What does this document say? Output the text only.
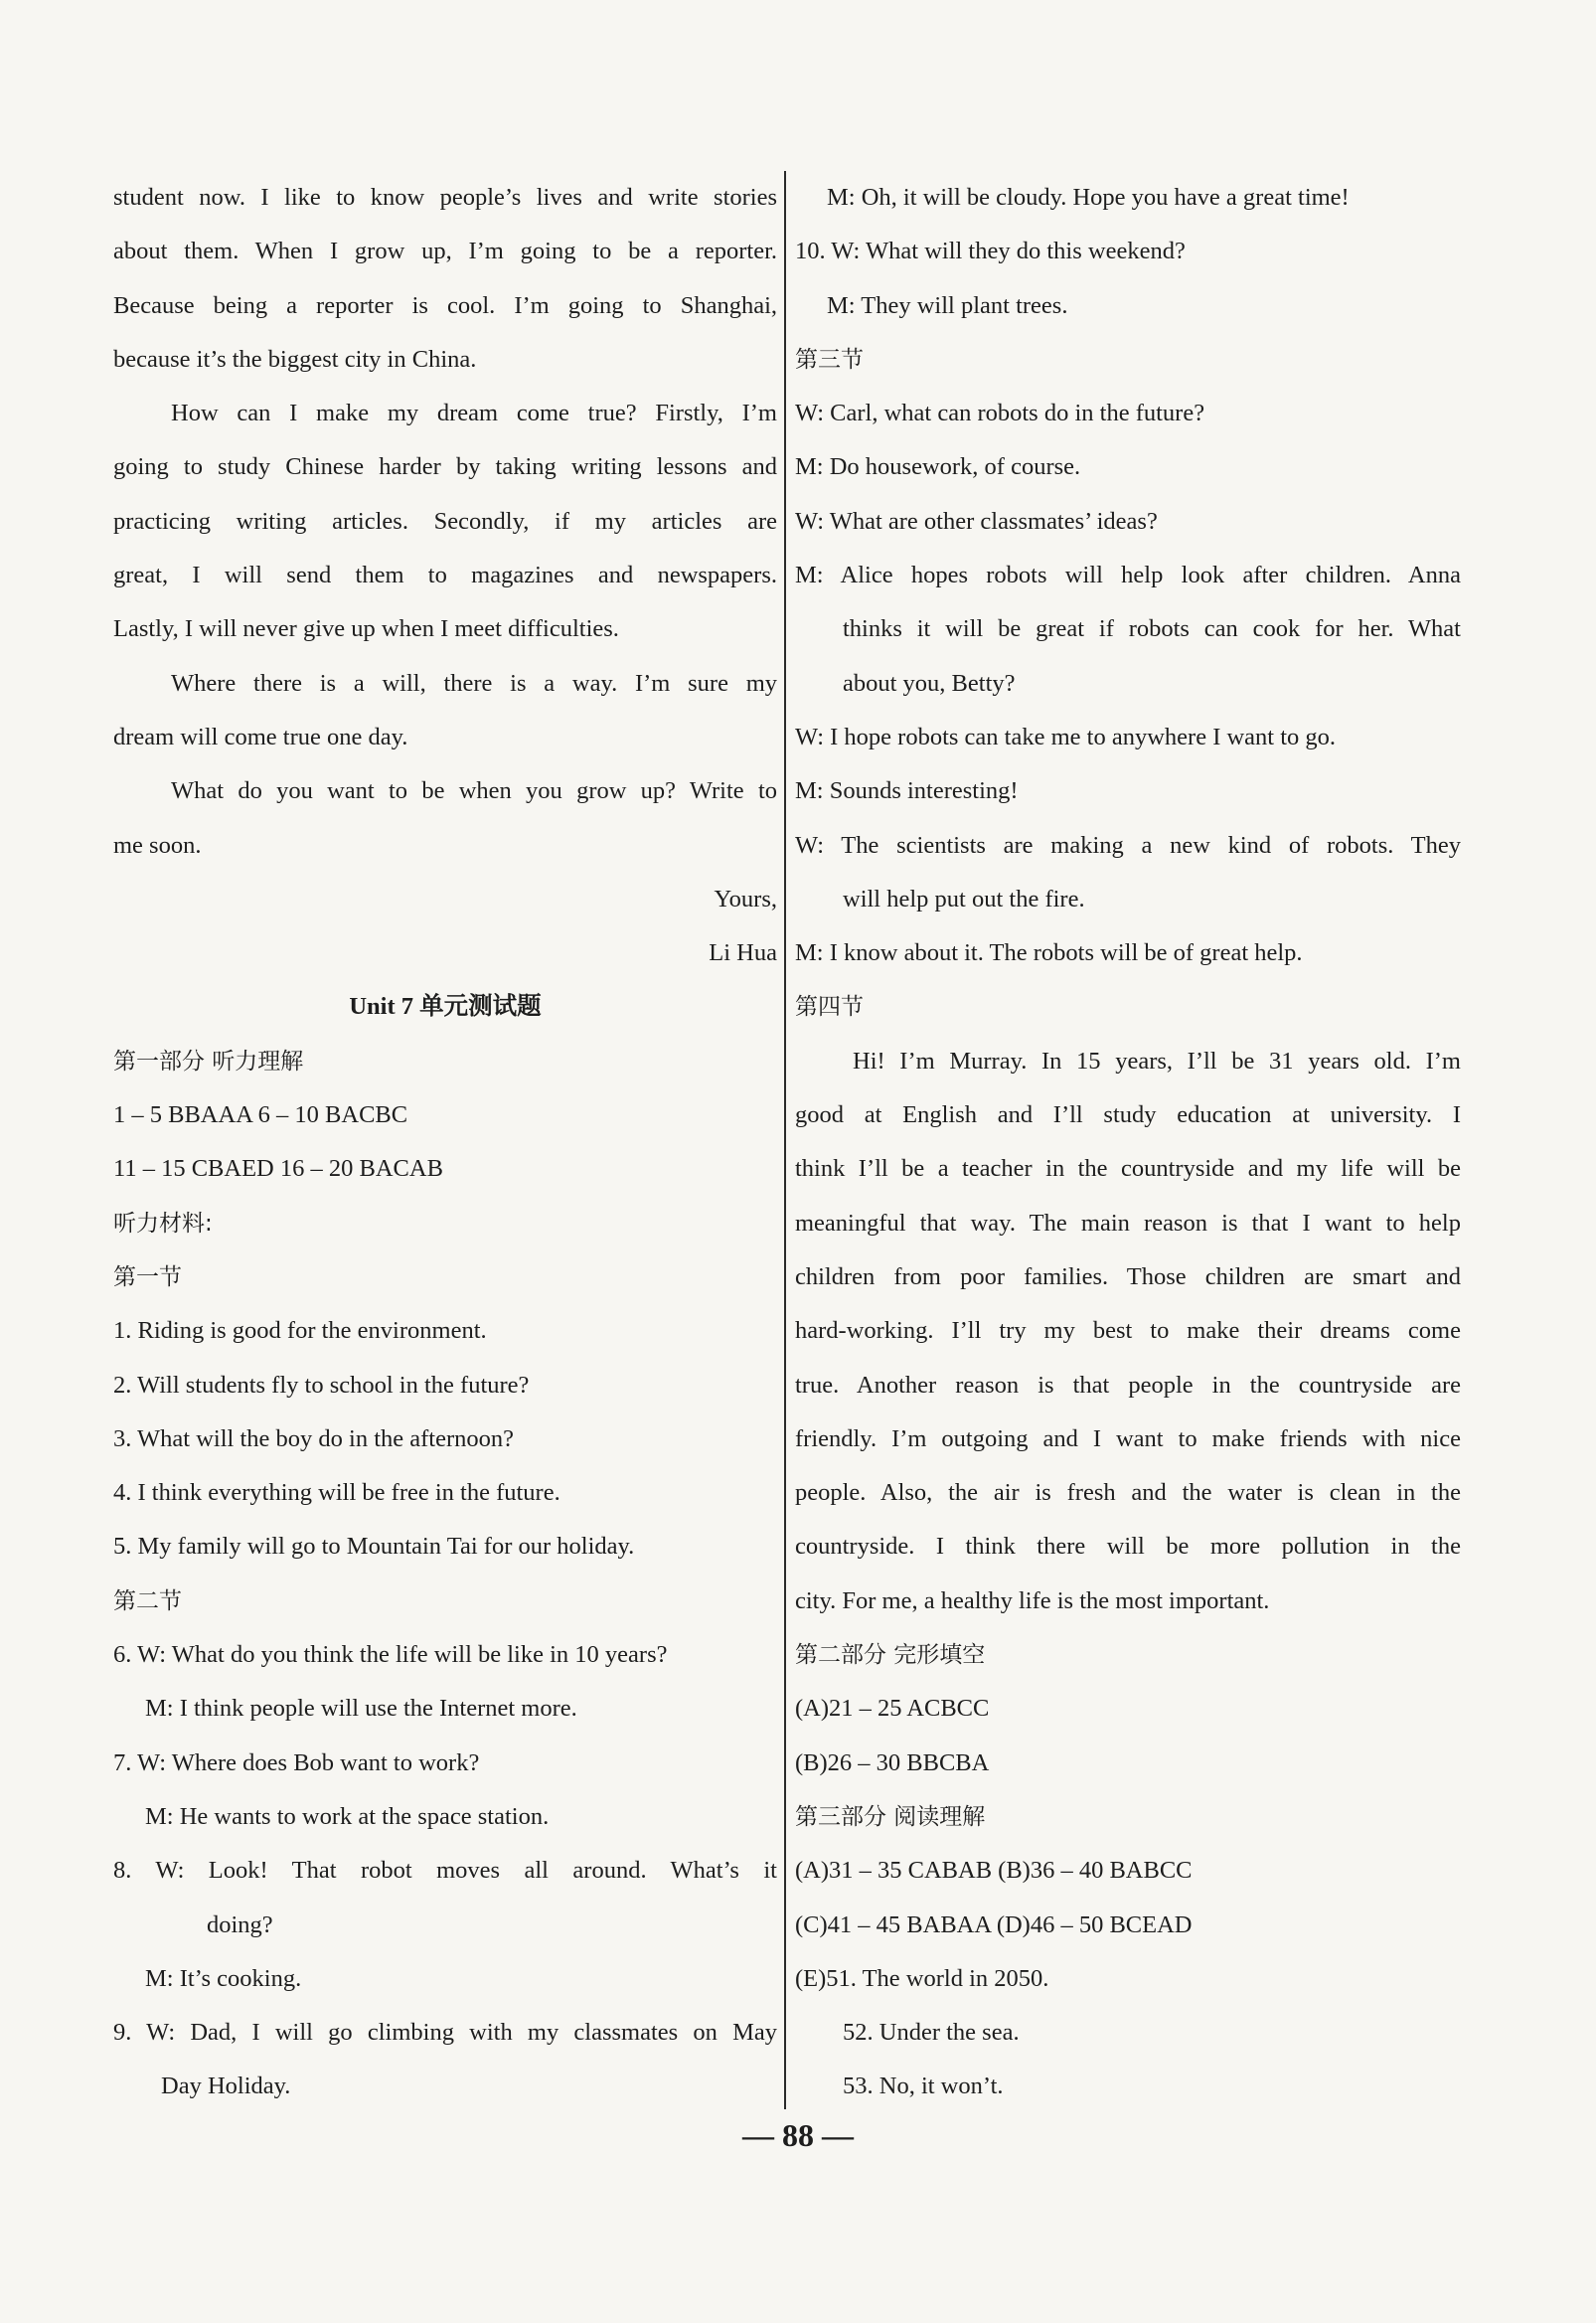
student now. I like to know people’s lives and write stories
about them. When I grow up, I’m going to be a reporter.
Because being a reporter is cool. I’m going to Shanghai,
because it’s the biggest city in China.
How can I make my dream come true? Firstly, I’m
going to study Chinese harder by taking writing lessons and
practicing writing articles. Secondly, if my articles are
great, I will send them to magazines and newspapers.
Lastly, I will never give up when I meet difficulties.
Where there is a will, there is a way. I’m sure my
dream will come true one day.
What do you want to be when you grow up? Write to
me soon.
Yours,
Li Hua
Unit 7 单元测试题
第一部分 听力理解
1 – 5 BBAAA 6 – 10 BACBC
11 – 15 CBAED 16 – 20 BACAB
听力材料:
第一节
1. Riding is good for the environment.
2. Will students fly to school in the future?
3. What will the boy do in the afternoon?
4. I think everything will be free in the future.
5. My family will go to Mountain Tai for our holiday.
第二节
6. W: What do you think the life will be like in 10 years?
M: I think people will use the Internet more.
7. W: Where does Bob want to work?
M: He wants to work at the space station.
8. W: Look! That robot moves all around. What’s it
doing?
M: It’s cooking.
9. W: Dad, I will go climbing with my classmates on May
Day Holiday.
M: Oh, it will be cloudy. Hope you have a great time!
10. W: What will they do this weekend?
M: They will plant trees.
第三节
W: Carl, what can robots do in the future?
M: Do housework, of course.
W: What are other classmates’ ideas?
M: Alice hopes robots will help look after children. Anna
thinks it will be great if robots can cook for her. What
about you, Betty?
W: I hope robots can take me to anywhere I want to go.
M: Sounds interesting!
W: The scientists are making a new kind of robots. They
will help put out the fire.
M: I know about it. The robots will be of great help.
第四节
Hi! I’m Murray. In 15 years, I’ll be 31 years old. I’m
good at English and I’ll study education at university. I
think I’ll be a teacher in the countryside and my life will be
meaningful that way. The main reason is that I want to help
children from poor families. Those children are smart and
hard-working. I’ll try my best to make their dreams come
true. Another reason is that people in the countryside are
friendly. I’m outgoing and I want to make friends with nice
people. Also, the air is fresh and the water is clean in the
countryside. I think there will be more pollution in the
city. For me, a healthy life is the most important.
第二部分 完形填空
(A)21 – 25 ACBCC
(B)26 – 30 BBCBA
第三部分 阅读理解
(A)31 – 35 CABAB (B)36 – 40 BABCC
(C)41 – 45 BABAA (D)46 – 50 BCEAD
(E)51. The world in 2050.
52. Under the sea.
53. No, it won’t.
— 88 —
